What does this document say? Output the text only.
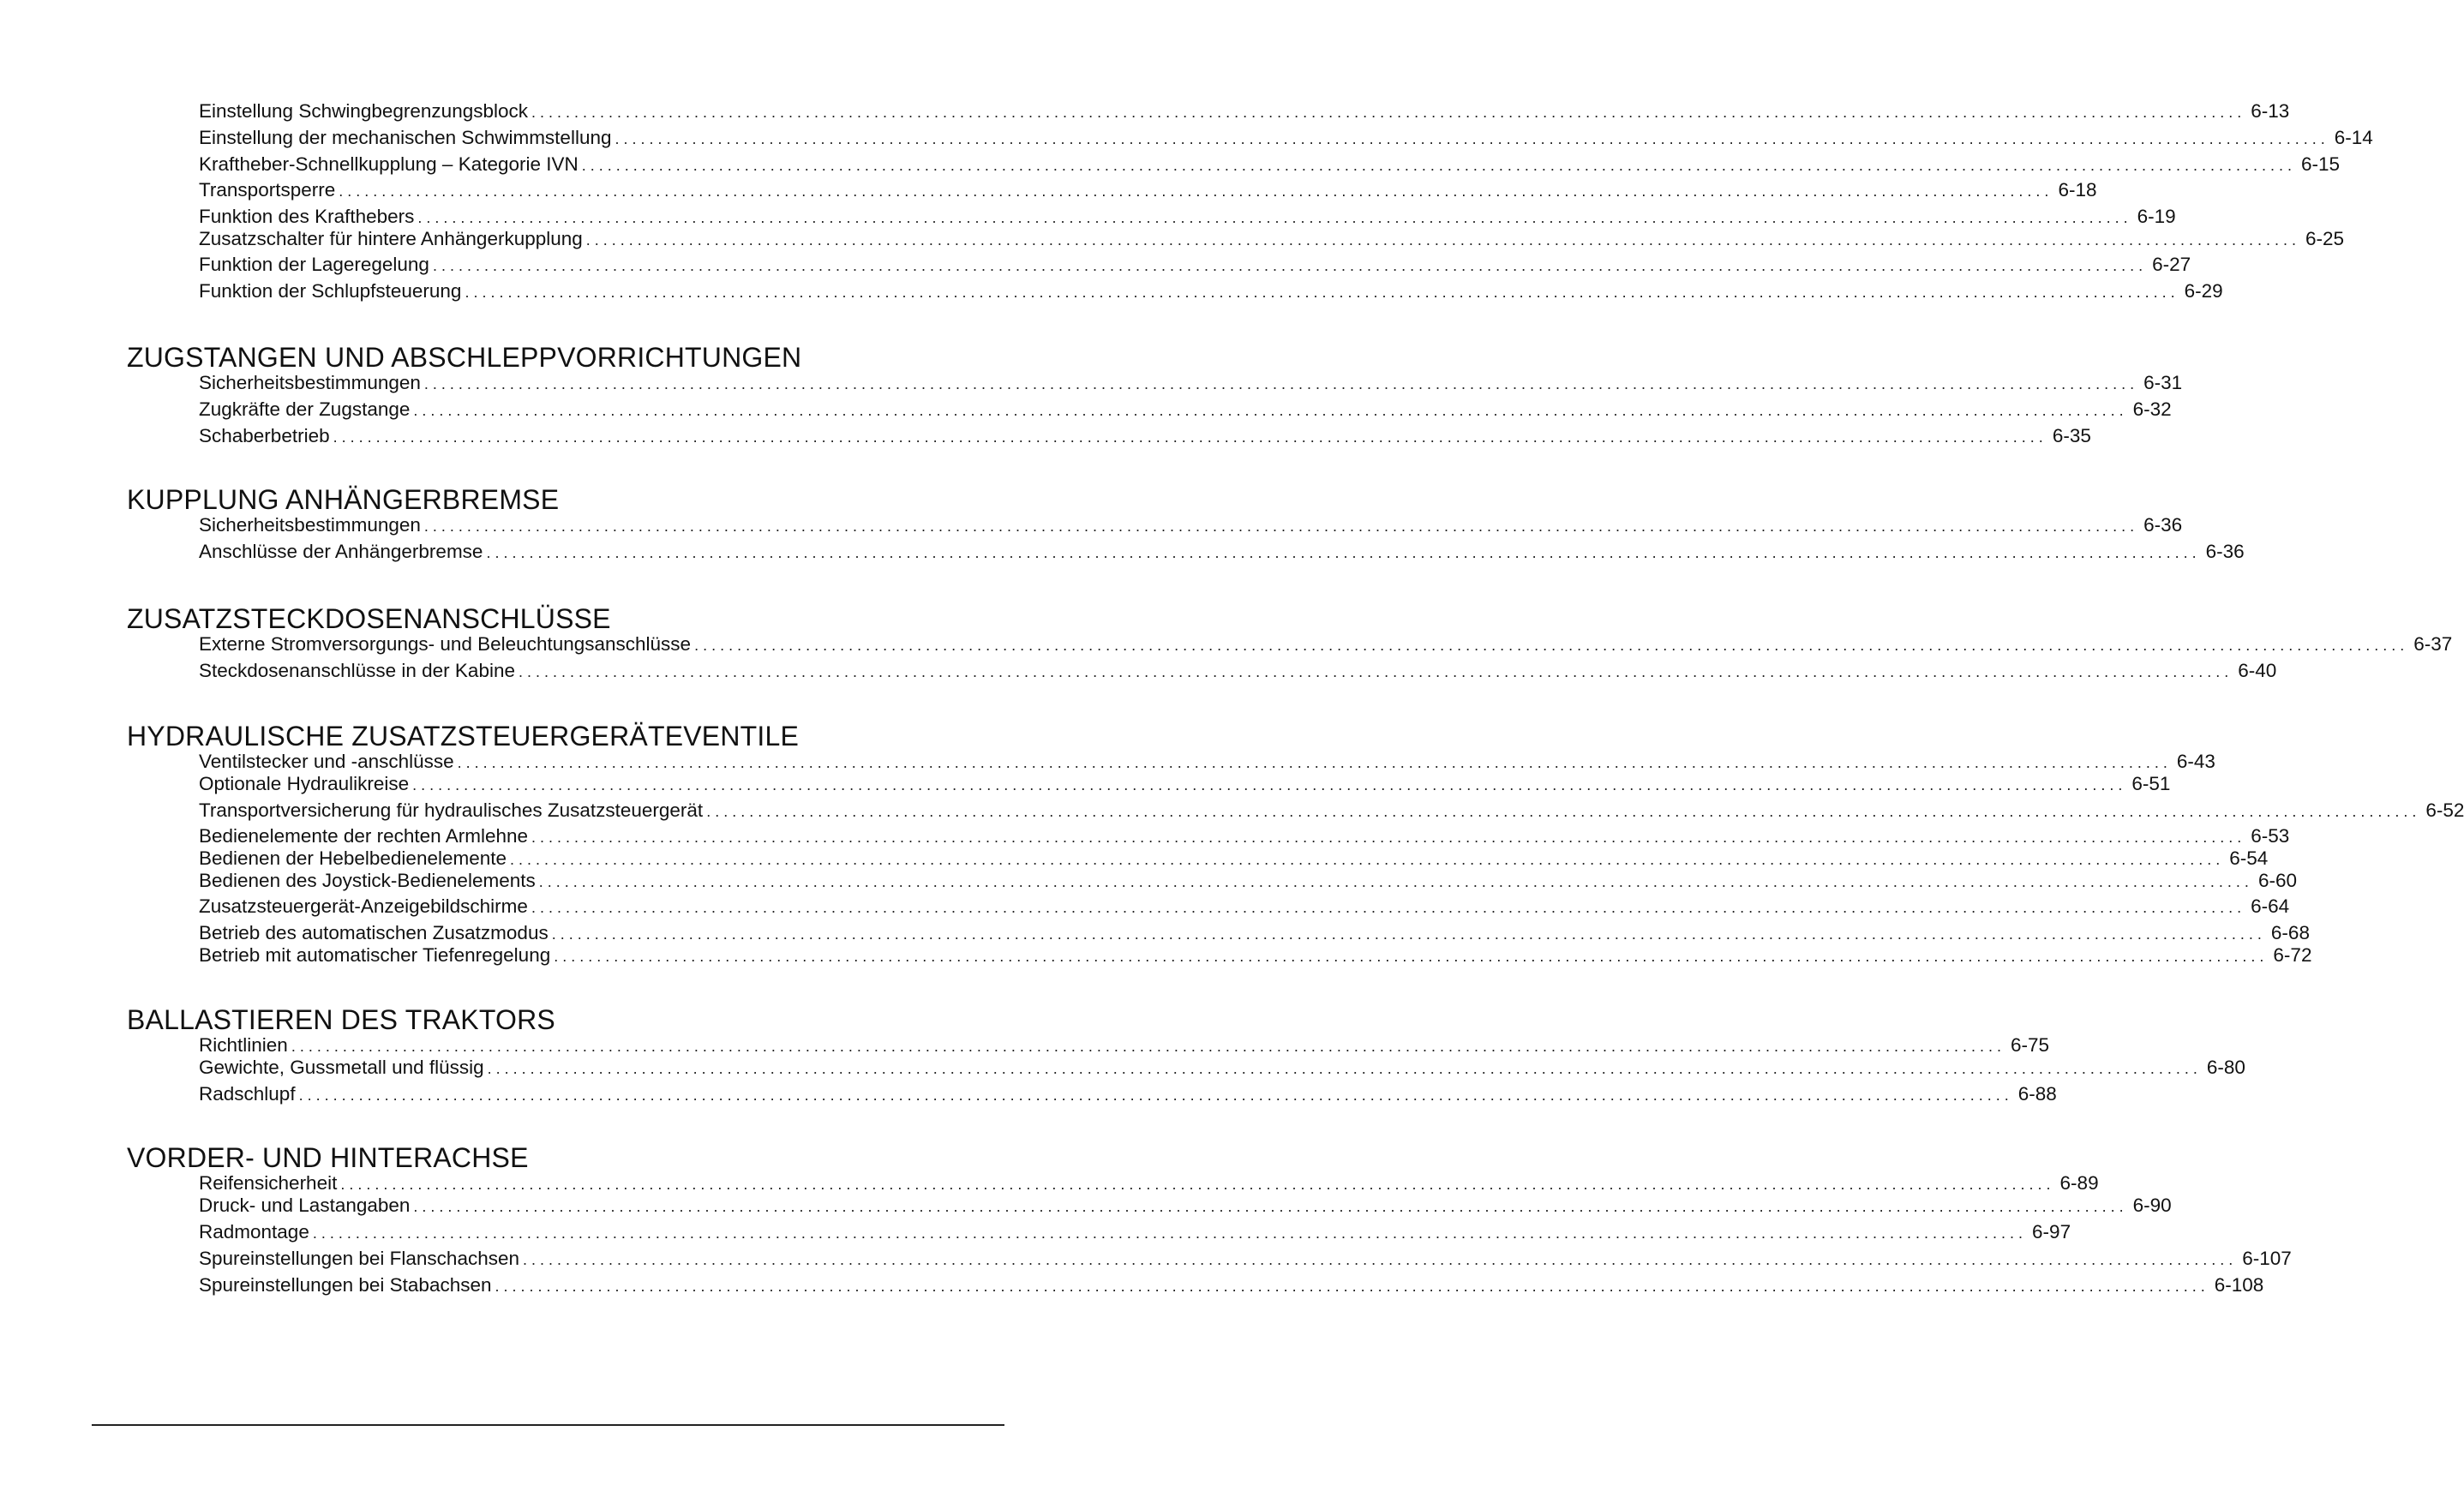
Einstellung Schwingbegrenzungsblock ........................................................................................................................................................................................................ 6-13
Einstellung der mechanischen Schwimmstellung ........................................................................................................................................................................................................ 6-14
Kraftheber-Schnellkupplung – Kategorie IVN ........................................................................................................................................................................................................ 6-15
Transportsperre ........................................................................................................................................................................................................ 6-18
Funktion des Krafthebers ........................................................................................................................................................................................................ 6-19
Zusatzschalter für hintere Anhängerkupplung ........................................................................................................................................................................................................ 6-25
Funktion der Lageregelung ........................................................................................................................................................................................................ 6-27
Funktion der Schlupfsteuerung ........................................................................................................................................................................................................ 6-29
ZUGSTANGEN UND ABSCHLEPPVORRICHTUNGEN
Sicherheitsbestimmungen ........................................................................................................................................................................................................ 6-31
Zugkräfte der Zugstange ........................................................................................................................................................................................................ 6-32
Schaberbetrieb ........................................................................................................................................................................................................ 6-35
KUPPLUNG ANHÄNGERBREMSE
Sicherheitsbestimmungen ........................................................................................................................................................................................................ 6-36
Anschlüsse der Anhängerbremse ........................................................................................................................................................................................................ 6-36
ZUSATZSTECKDOSENANSCHLÜSSE
Externe Stromversorgungs- und Beleuchtungsanschlüsse ........................................................................................................................................................................................................ 6-37
Steckdosenanschlüsse in der Kabine ........................................................................................................................................................................................................ 6-40
HYDRAULISCHE ZUSATZSTEUERGERÄTEVENTILE
Ventilstecker und -anschlüsse ........................................................................................................................................................................................................ 6-43
Optionale Hydraulikreise ........................................................................................................................................................................................................ 6-51
Transportversicherung für hydraulisches Zusatzsteuergerät ........................................................................................................................................................................................................ 6-52
Bedienelemente der rechten Armlehne ........................................................................................................................................................................................................ 6-53
Bedienen der Hebelbedienelemente ........................................................................................................................................................................................................ 6-54
Bedienen des Joystick-Bedienelements ........................................................................................................................................................................................................ 6-60
Zusatzsteuergerät-Anzeigebildschirme ........................................................................................................................................................................................................ 6-64
Betrieb des automatischen Zusatzmodus ........................................................................................................................................................................................................ 6-68
Betrieb mit automatischer Tiefenregelung ........................................................................................................................................................................................................ 6-72
BALLASTIEREN DES TRAKTORS
Richtlinien ........................................................................................................................................................................................................ 6-75
Gewichte, Gussmetall und flüssig ........................................................................................................................................................................................................ 6-80
Radschlupf ........................................................................................................................................................................................................ 6-88
VORDER- UND HINTERACHSE
Reifensicherheit ........................................................................................................................................................................................................ 6-89
Druck- und Lastangaben ........................................................................................................................................................................................................ 6-90
Radmontage ........................................................................................................................................................................................................ 6-97
Spureinstellungen bei Flanschachsen ........................................................................................................................................................................................................ 6-107
Spureinstellungen bei Stabachsen ........................................................................................................................................................................................................ 6-108
